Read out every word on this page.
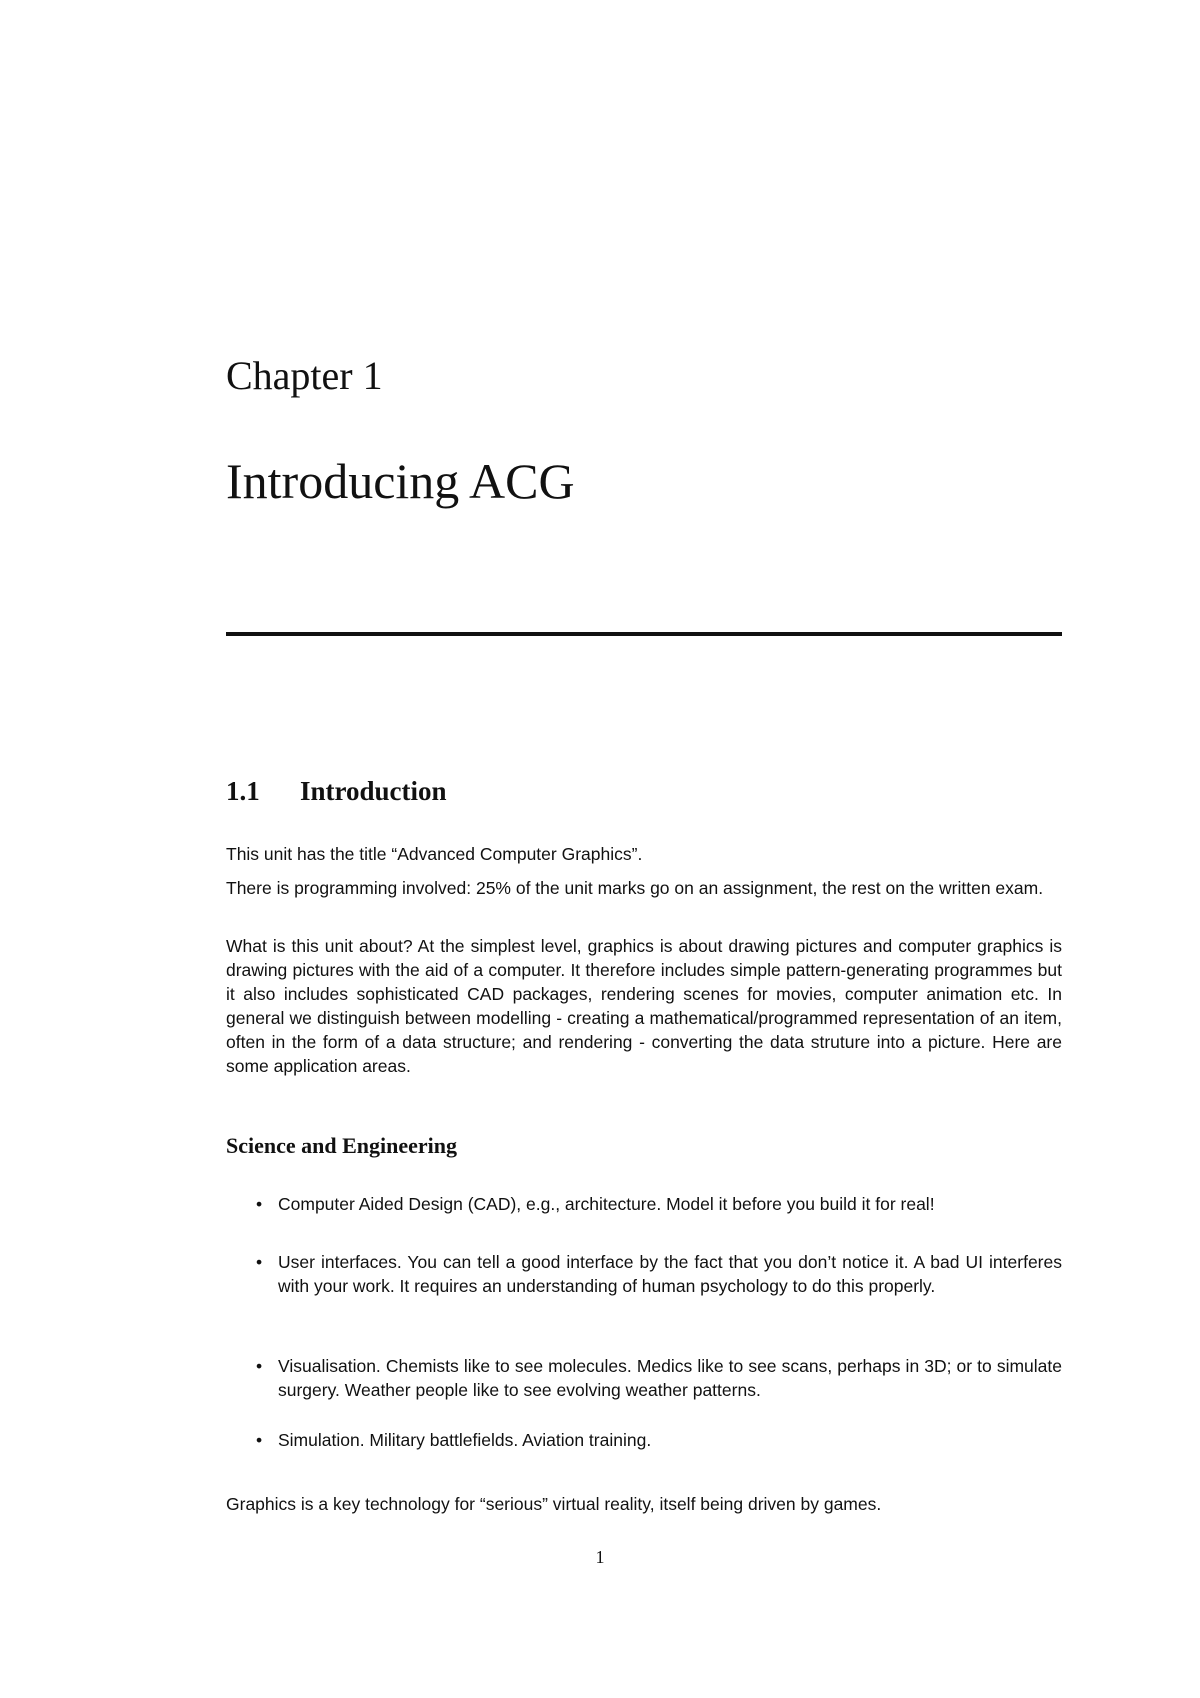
Chapter 1
Introducing ACG
1.1 Introduction

This unit has the title “Advanced Computer Graphics”.

There is programming involved: 25% of the unit marks go on an assignment, the rest on the written exam.

What is this unit about? At the simplest level, graphics is about drawing pictures and computer graphics is drawing pictures with the aid of a computer. It therefore includes simple pattern-generating programmes but it also includes sophisticated CAD packages, rendering scenes for movies, computer animation etc. In general we distinguish between modelling - creating a mathematical/programmed representation of an item, often in the form of a data structure; and rendering - converting the data struture into a picture. Here are some application areas.

Science and Engineering

• Computer Aided Design (CAD), e.g., architecture. Model it before you build it for real!

• User interfaces. You can tell a good interface by the fact that you don’t notice it. A bad UI interferes with your work. It requires an understanding of human psychology to do this properly.

• Visualisation. Chemists like to see molecules. Medics like to see scans, perhaps in 3D; or to simulate surgery. Weather people like to see evolving weather patterns.

• Simulation. Military battlefields. Aviation training.

Graphics is a key technology for “serious” virtual reality, itself being driven by games.

1
